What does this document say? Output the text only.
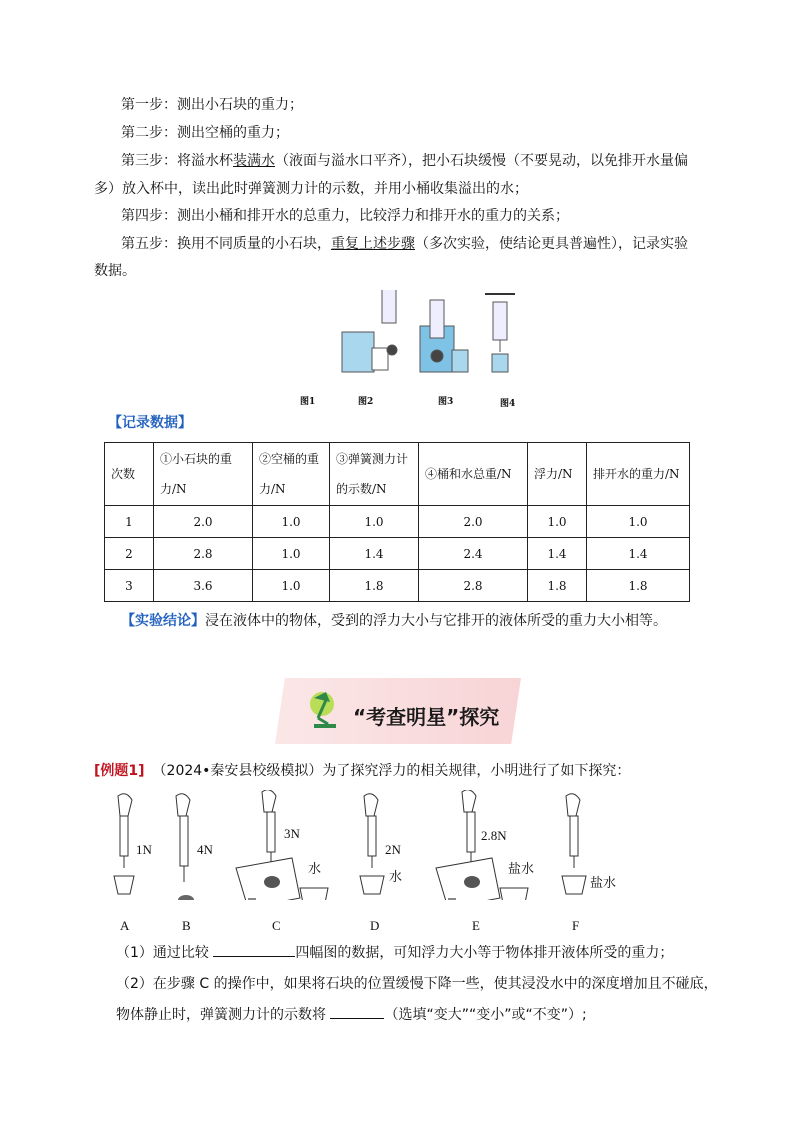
第一步：测出小石块的重力；
第二步：测出空桶的重力；
第三步：将溢水杯装满水（液面与溢水口平齐），把小石块缓慢（不要晃动，以免排开水量偏
多）放入杯中，读出此时弹簧测力计的示数，并用小桶收集溢出的水；
第四步：测出小桶和排开水的总重力，比较浮力和排开水的重力的关系；
第五步：换用不同质量的小石块，重复上述步骤（多次实验，使结论更具普遍性），记录实验
数据。
图1	图2	图3	图4
【记录数据】
次数	①小石块的重力/N	②空桶的重力/N	③弹簧测力计的示数/N	④桶和水总重/N	浮力/N	排开水的重力/N
1	2.0	1.0	1.0	2.0	1.0	1.0
2	2.8	1.0	1.4	2.4	1.4	1.4
3	3.6	1.0	1.8	2.8	1.8	1.8
【实验结论】浸在液体中的物体，受到的浮力大小与它排开的液体所受的重力大小相等。
“考查明星”探究
[例题1] （2024•秦安县校级模拟）为了探究浮力的相关规律，小明进行了如下探究：
1N	4N
3N
2N
2.8N
水
水
盐水
盐水
A	B	C	D	E	F
（1）通过比较	四幅图的数据，可知浮力大小等于物体排开液体所受的重力；
（2）在步骤 C 的操作中，如果将石块的位置缓慢下降一些，使其浸没水中的深度增加且不碰底，
物体静止时，弹簧测力计的示数将	（选填“变大”“变小”或“不变”）;
